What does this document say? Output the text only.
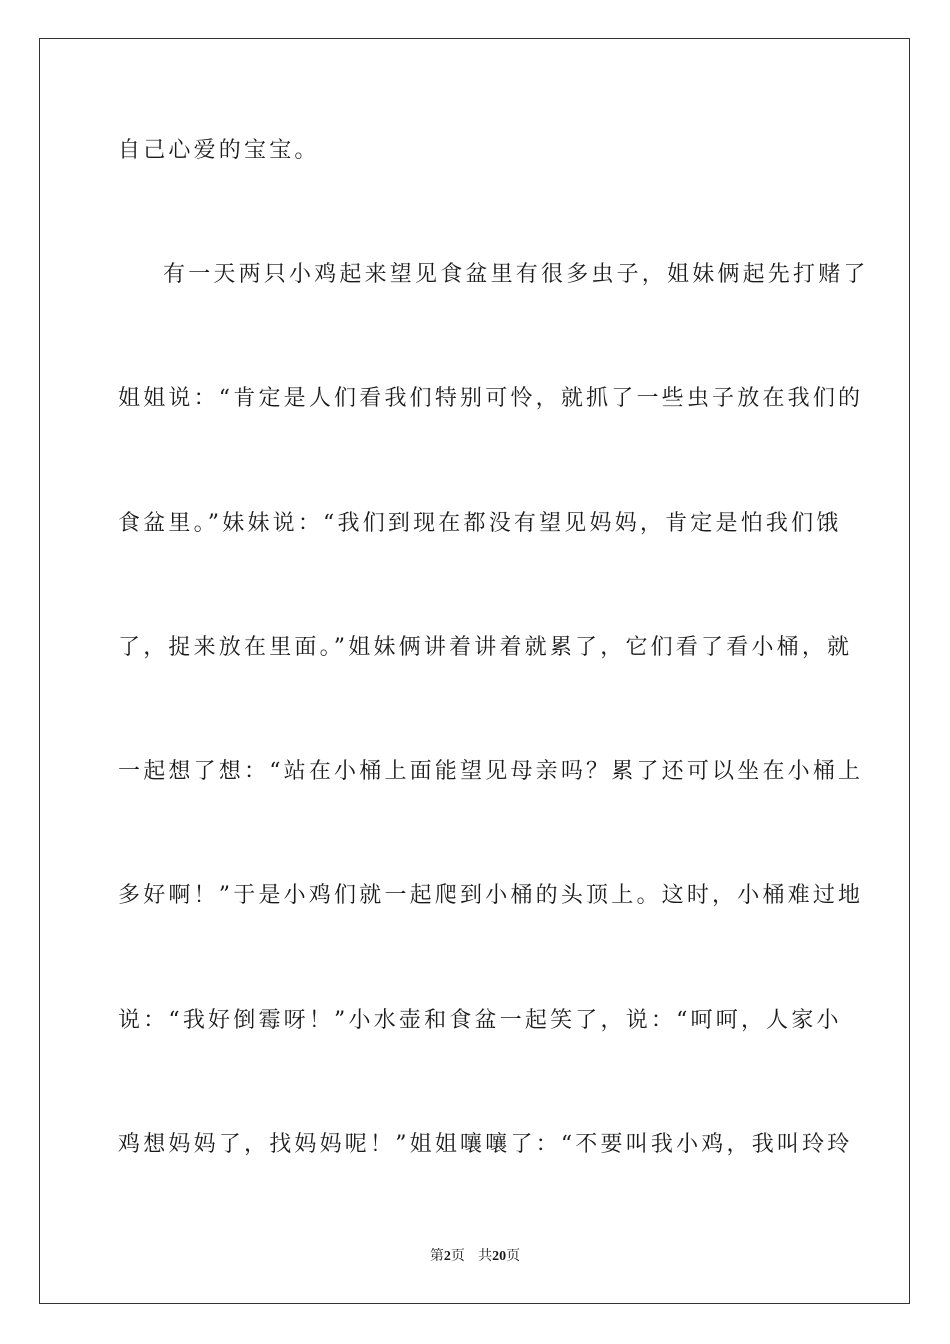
自己心爱的宝宝。
有一天两只小鸡起来望见食盆里有很多虫子，姐妹俩起先打赌了
姐姐说：“肯定是人们看我们特别可怜，就抓了一些虫子放在我们的
食盆里。”妹妹说：“我们到现在都没有望见妈妈，肯定是怕我们饿
了，捉来放在里面。”姐妹俩讲着讲着就累了，它们看了看小桶，就
一起想了想：“站在小桶上面能望见母亲吗？累了还可以坐在小桶上
多好啊！”于是小鸡们就一起爬到小桶的头顶上。这时，小桶难过地
说：“我好倒霉呀！”小水壶和食盆一起笑了，说：“呵呵，人家小
鸡想妈妈了，找妈妈呢！”姐姐嚷嚷了：“不要叫我小鸡，我叫玲玲
第2页 共20页
